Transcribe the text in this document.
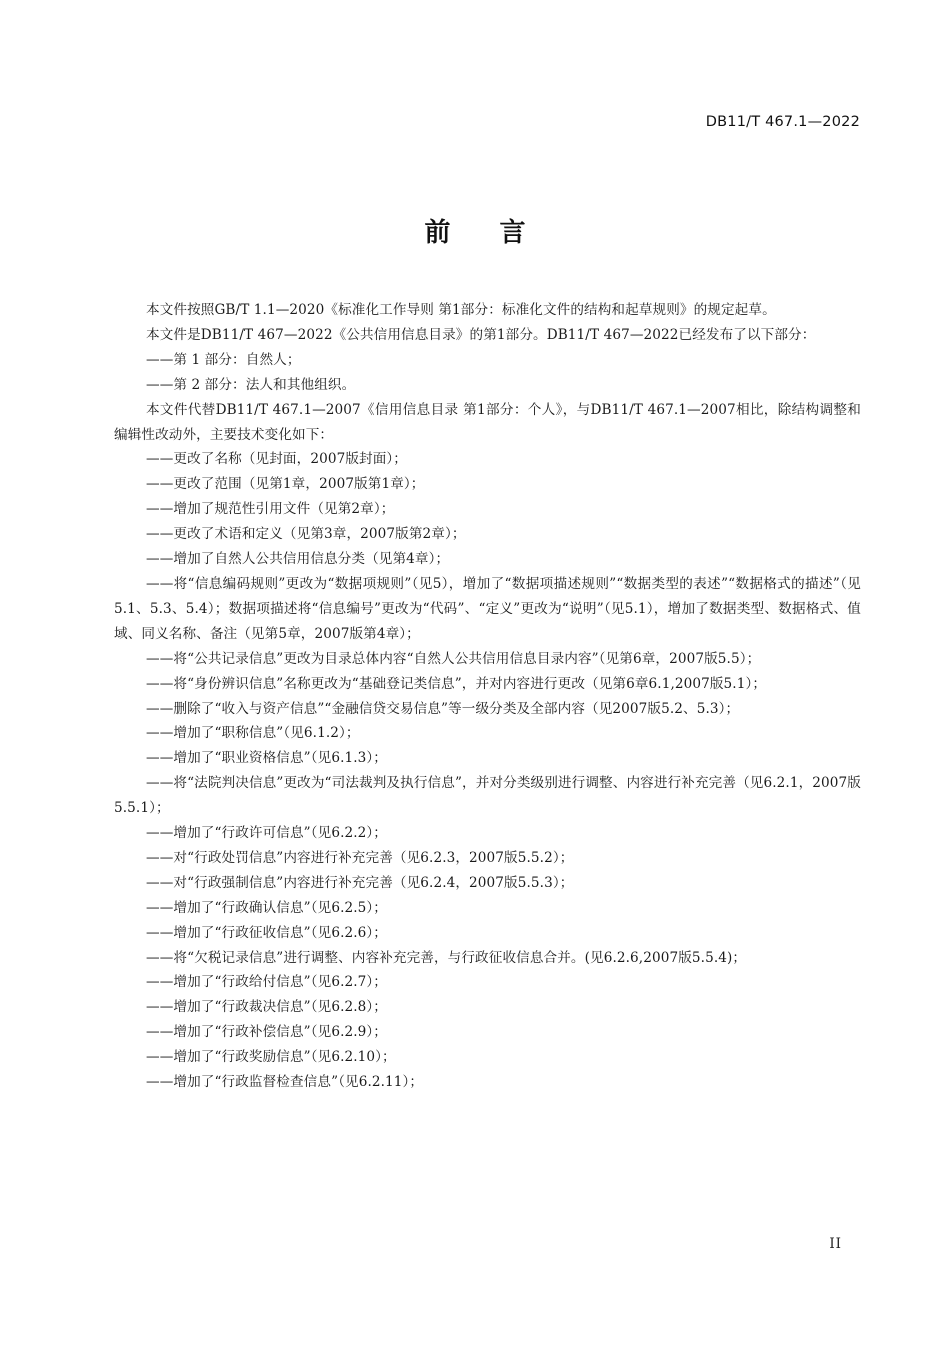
DB11/T 467.1—2022
前 言

本文件按照GB/T 1.1—2020《标准化工作导则 第1部分：标准化文件的结构和起草规则》的规定起草。

本文件是DB11/T 467—2022《公共信用信息目录》的第1部分。DB11/T 467—2022已经发布了以下部分：

——第 1 部分：自然人；

——第 2 部分：法人和其他组织。

本文件代替DB11/T 467.1—2007《信用信息目录 第1部分：个人》，与DB11/T 467.1—2007相比，除结构调整和编辑性改动外，主要技术变化如下：

——更改了名称（见封面，2007版封面）；

——更改了范围（见第1章，2007版第1章）；

——增加了规范性引用文件（见第2章）；

——更改了术语和定义（见第3章，2007版第2章）；

——增加了自然人公共信用信息分类（见第4章）；

——将“信息编码规则”更改为“数据项规则”（见5），增加了“数据项描述规则”“数据类型的表述”“数据格式的描述”（见5.1、5.3、5.4）；数据项描述将“信息编号”更改为“代码”、“定义”更改为“说明”（见5.1），增加了数据类型、数据格式、值域、同义名称、备注（见第5章，2007版第4章）；

——将“公共记录信息”更改为目录总体内容“自然人公共信用信息目录内容”（见第6章，2007版5.5）；

——将“身份辨识信息”名称更改为“基础登记类信息”，并对内容进行更改（见第6章6.1,2007版5.1）；

——删除了“收入与资产信息”“金融信贷交易信息”等一级分类及全部内容（见2007版5.2、5.3）；

——增加了“职称信息”（见6.1.2）；

——增加了“职业资格信息”（见6.1.3）；

——将“法院判决信息”更改为“司法裁判及执行信息”，并对分类级别进行调整、内容进行补充完善（见6.2.1，2007版5.5.1）；

——增加了“行政许可信息”（见6.2.2）；

——对“行政处罚信息”内容进行补充完善（见6.2.3，2007版5.5.2）；

——对“行政强制信息”内容进行补充完善（见6.2.4，2007版5.5.3）；

——增加了“行政确认信息”（见6.2.5）；

——增加了“行政征收信息”（见6.2.6）；

——将“欠税记录信息”进行调整、内容补充完善，与行政征收信息合并。(见6.2.6,2007版5.5.4)；

——增加了“行政给付信息”（见6.2.7）；

——增加了“行政裁决信息”（见6.2.8）；

——增加了“行政补偿信息”（见6.2.9）；

——增加了“行政奖励信息”（见6.2.10）；

——增加了“行政监督检查信息”（见6.2.11）；

II
